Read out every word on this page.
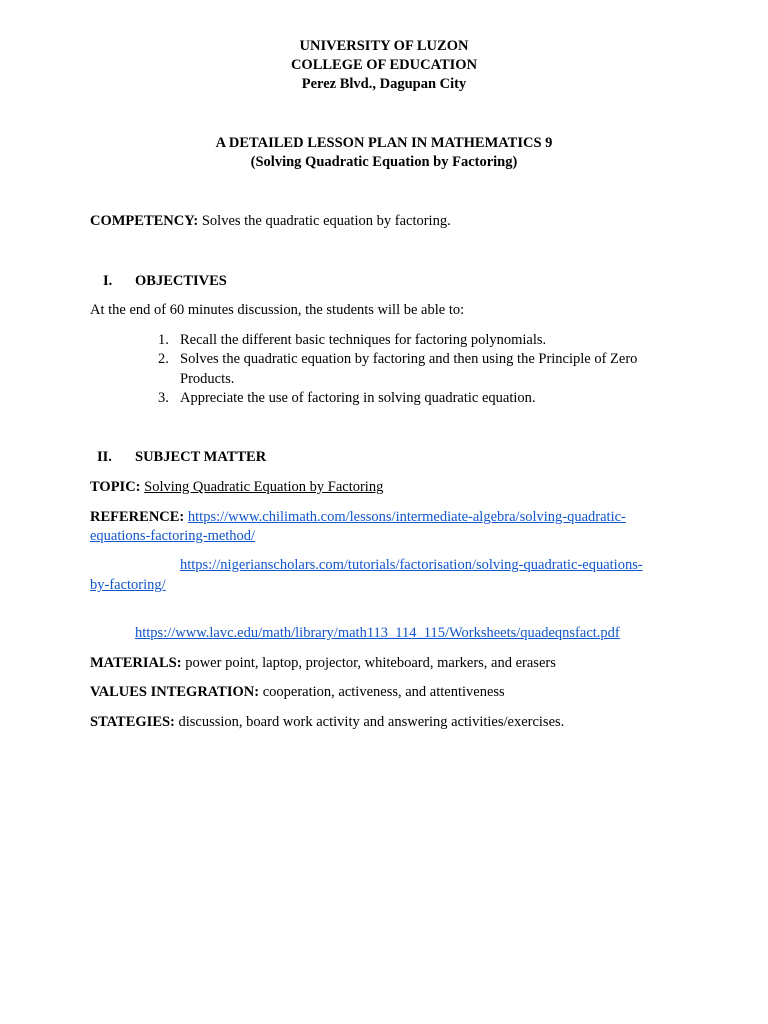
UNIVERSITY OF LUZON
COLLEGE OF EDUCATION
Perez Blvd., Dagupan City
A DETAILED LESSON PLAN IN MATHEMATICS 9
(Solving Quadratic Equation by Factoring)
COMPETENCY: Solves the quadratic equation by factoring.
I. OBJECTIVES
At the end of 60 minutes discussion, the students will be able to:
1. Recall the different basic techniques for factoring polynomials.
2. Solves the quadratic equation by factoring and then using the Principle of Zero
Products.
3. Appreciate the use of factoring in solving quadratic equation.
II. SUBJECT MATTER
TOPIC: Solving Quadratic Equation by Factoring
REFERENCE: https://www.chilimath.com/lessons/intermediate-algebra/solving-quadratic-
equations-factoring-method/
https://nigerianscholars.com/tutorials/factorisation/solving-quadratic-equations-
by-factoring/
https://www.lavc.edu/math/library/math113_114_115/Worksheets/quadeqnsfact.pdf
MATERIALS: power point, laptop, projector, whiteboard, markers, and erasers
VALUES INTEGRATION: cooperation, activeness, and attentiveness
STATEGIES: discussion, board work activity and answering activities/exercises.
